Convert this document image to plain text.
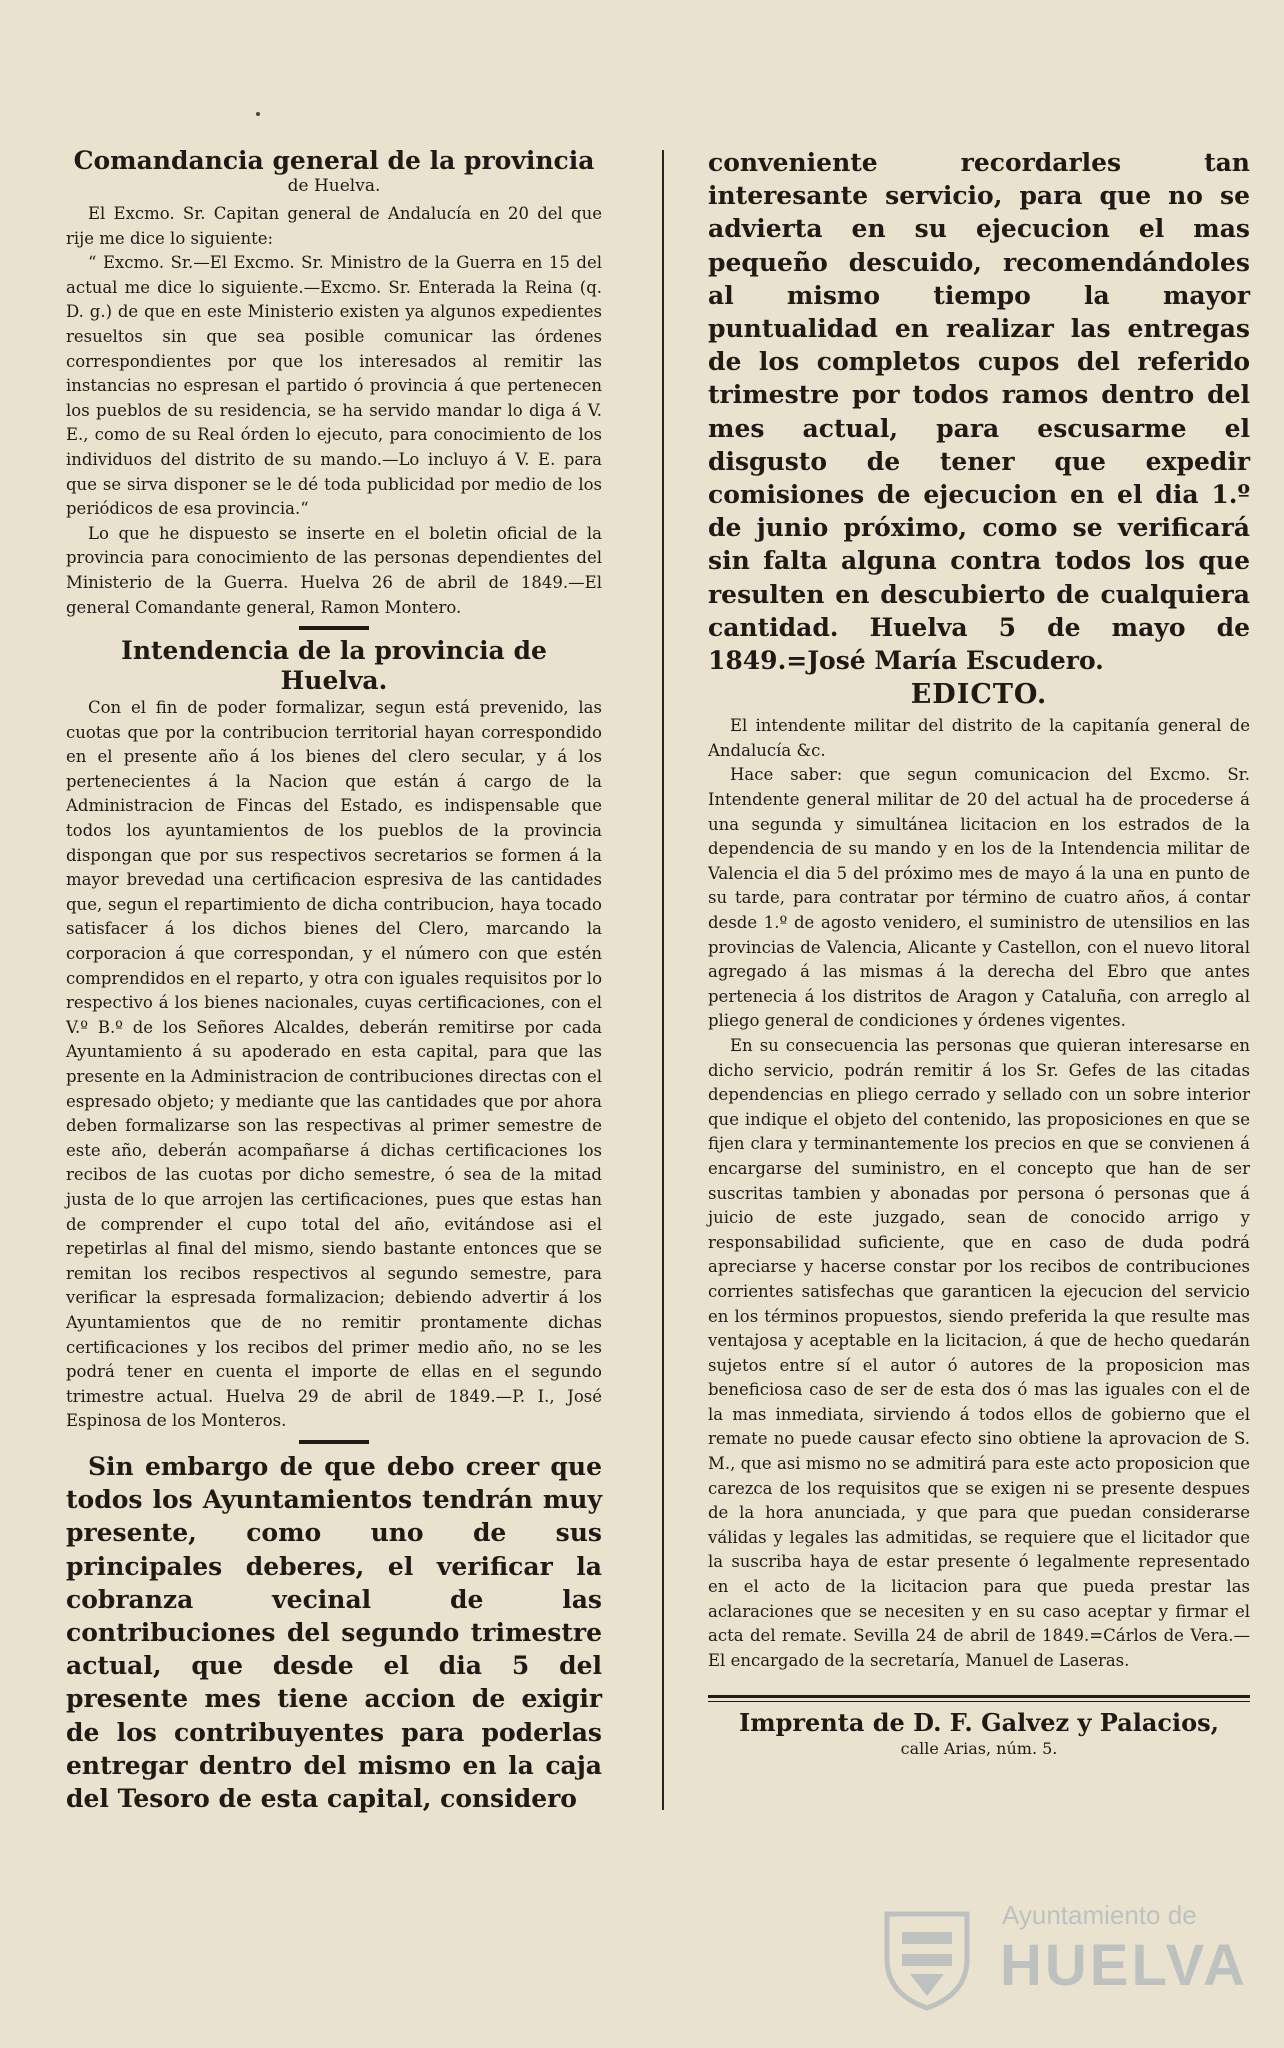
Comandancia general de la provincia
de Huelva.

El Excmo. Sr. Capitan general de Andalucía en 20 del que rije me dice lo siguiente:

“ Excmo. Sr.—El Excmo. Sr. Ministro de la Guerra en 15 del actual me dice lo siguiente.—Excmo. Sr. Enterada la Reina (q. D. g.) de que en este Ministerio existen ya algunos expedientes resueltos sin que sea posible comunicar las órdenes correspondientes por que los interesados al remitir las instancias no espresan el partido ó provincia á que pertenecen los pueblos de su residencia, se ha servido mandar lo diga á V. E., como de su Real órden lo ejecuto, para conocimiento de los individuos del distrito de su mando.—Lo incluyo á V. E. para que se sirva disponer se le dé toda publicidad por medio de los periódicos de esa provincia.“

Lo que he dispuesto se inserte en el boletin oficial de la provincia para conocimiento de las personas dependientes del Ministerio de la Guerra. Huelva 26 de abril de 1849.—El general Comandante general, Ramon Montero.

Intendencia de la provincia de Huelva.

Con el fin de poder formalizar, segun está prevenido, las cuotas que por la contribucion territorial hayan correspondido en el presente año á los bienes del clero secular, y á los pertenecientes á la Nacion que están á cargo de la Administracion de Fincas del Estado, es indispensable que todos los ayuntamientos de los pueblos de la provincia dispongan que por sus respectivos secretarios se formen á la mayor brevedad una certificacion espresiva de las cantidades que, segun el repartimiento de dicha contribucion, haya tocado satisfacer á los dichos bienes del Clero, marcando la corporacion á que correspondan, y el número con que estén comprendidos en el reparto, y otra con iguales requisitos por lo respectivo á los bienes nacionales, cuyas certificaciones, con el V.º B.º de los Señores Alcaldes, deberán remitirse por cada Ayuntamiento á su apoderado en esta capital, para que las presente en la Administracion de contribuciones directas con el espresado objeto; y mediante que las cantidades que por ahora deben formalizarse son las respectivas al primer semestre de este año, deberán acompañarse á dichas certificaciones los recibos de las cuotas por dicho semestre, ó sea de la mitad justa de lo que arrojen las certificaciones, pues que estas han de comprender el cupo total del año, evitándose asi el repetirlas al final del mismo, siendo bastante entonces que se remitan los recibos respectivos al segundo semestre, para verificar la espresada formalizacion; debiendo advertir á los Ayuntamientos que de no remitir prontamente dichas certificaciones y los recibos del primer medio año, no se les podrá tener en cuenta el importe de ellas en el segundo trimestre actual. Huelva 29 de abril de 1849.—P. I., José Espinosa de los Monteros.

Sin embargo de que debo creer que todos los Ayuntamientos tendrán muy presente, como uno de sus principales deberes, el verificar la cobranza vecinal de las contribuciones del segundo trimestre actual, que desde el dia 5 del presente mes tiene accion de exigir de los contribuyentes para poderlas entregar dentro del mismo en la caja del Tesoro de esta capital, considero

conveniente recordarles tan interesante servicio, para que no se advierta en su ejecucion el mas pequeño descuido, recomendándoles al mismo tiempo la mayor puntualidad en realizar las entregas de los completos cupos del referido trimestre por todos ramos dentro del mes actual, para escusarme el disgusto de tener que expedir comisiones de ejecucion en el dia 1.º de junio próximo, como se verificará sin falta alguna contra todos los que resulten en descubierto de cualquiera cantidad. Huelva 5 de mayo de 1849.=José María Escudero.

EDICTO.

El intendente militar del distrito de la capitanía general de Andalucía &c.

Hace saber: que segun comunicacion del Excmo. Sr. Intendente general militar de 20 del actual ha de procederse á una segunda y simultánea licitacion en los estrados de la dependencia de su mando y en los de la Intendencia militar de Valencia el dia 5 del próximo mes de mayo á la una en punto de su tarde, para contratar por término de cuatro años, á contar desde 1.º de agosto venidero, el suministro de utensilios en las provincias de Valencia, Alicante y Castellon, con el nuevo litoral agregado á las mismas á la derecha del Ebro que antes pertenecia á los distritos de Aragon y Cataluña, con arreglo al pliego general de condiciones y órdenes vigentes.

En su consecuencia las personas que quieran interesarse en dicho servicio, podrán remitir á los Sr. Gefes de las citadas dependencias en pliego cerrado y sellado con un sobre interior que indique el objeto del contenido, las proposiciones en que se fijen clara y terminantemente los precios en que se convienen á encargarse del suministro, en el concepto que han de ser suscritas tambien y abonadas por persona ó personas que á juicio de este juzgado, sean de conocido arrigo y responsabilidad suficiente, que en caso de duda podrá apreciarse y hacerse constar por los recibos de contribuciones corrientes satisfechas que garanticen la ejecucion del servicio en los términos propuestos, siendo preferida la que resulte mas ventajosa y aceptable en la licitacion, á que de hecho quedarán sujetos entre sí el autor ó autores de la proposicion mas beneficiosa caso de ser de esta dos ó mas las iguales con el de la mas inmediata, sirviendo á todos ellos de gobierno que el remate no puede causar efecto sino obtiene la aprovacion de S. M., que asi mismo no se admitirá para este acto proposicion que carezca de los requisitos que se exigen ni se presente despues de la hora anunciada, y que para que puedan considerarse válidas y legales las admitidas, se requiere que el licitador que la suscriba haya de estar presente ó legalmente representado en el acto de la licitacion para que pueda prestar las aclaraciones que se necesiten y en su caso aceptar y firmar el acta del remate. Sevilla 24 de abril de 1849.=Cárlos de Vera.—El encargado de la secretaría, Manuel de Laseras.

Imprenta de D. F. Galvez y Palacios,
calle Arias, núm. 5.
Ayuntamiento de
HUELVA
